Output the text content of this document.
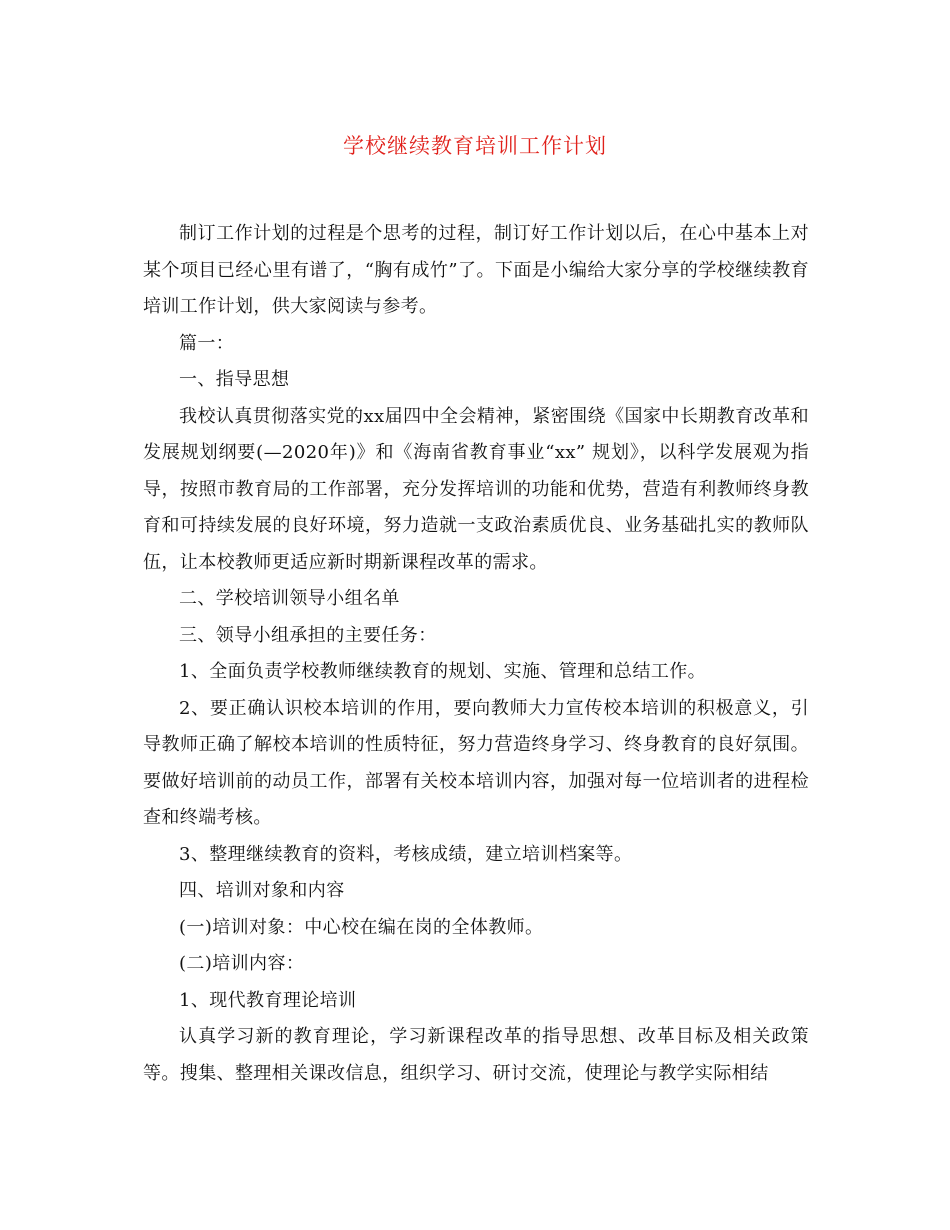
学校继续教育培训工作计划

制订工作计划的过程是个思考的过程，制订好工作计划以后，在心中基本上对某个项目已经心里有谱了，“胸有成竹”了。下面是小编给大家分享的学校继续教育培训工作计划，供大家阅读与参考。

篇一：

一、指导思想

我校认真贯彻落实党的xx届四中全会精神，紧密围绕《国家中长期教育改革和发展规划纲要(—2020年)》和《海南省教育事业“xx” 规划》，以科学发展观为指导，按照市教育局的工作部署，充分发挥培训的功能和优势，营造有利教师终身教育和可持续发展的良好环境，努力造就一支政治素质优良、业务基础扎实的教师队伍，让本校教师更适应新时期新课程改革的需求。

二、学校培训领导小组名单

三、领导小组承担的主要任务：

1、全面负责学校教师继续教育的规划、实施、管理和总结工作。

2、要正确认识校本培训的作用，要向教师大力宣传校本培训的积极意义，引导教师正确了解校本培训的性质特征，努力营造终身学习、终身教育的良好氛围。要做好培训前的动员工作，部署有关校本培训内容，加强对每一位培训者的进程检查和终端考核。

3、整理继续教育的资料，考核成绩，建立培训档案等。

四、培训对象和内容

(一)培训对象：中心校在编在岗的全体教师。

(二)培训内容：

1、现代教育理论培训

认真学习新的教育理论，学习新课程改革的指导思想、改革目标及相关政策等。搜集、整理相关课改信息，组织学习、研讨交流，使理论与教学实际相结
